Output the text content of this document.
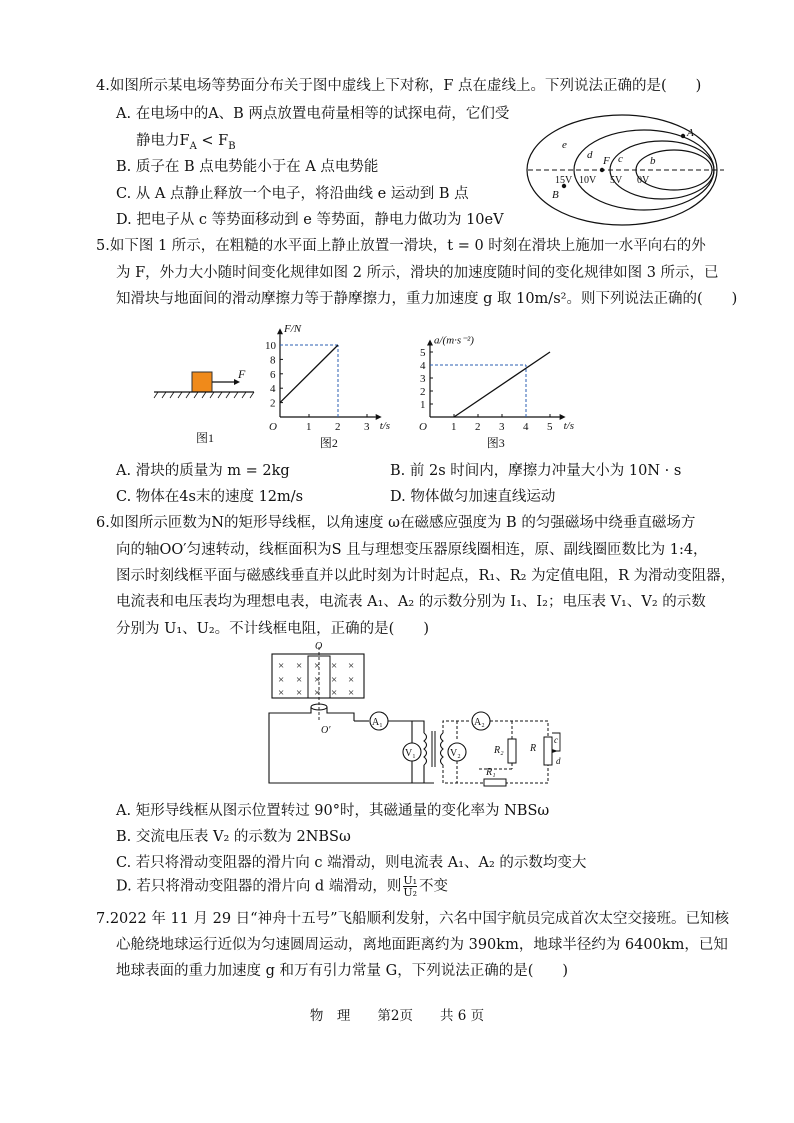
4.如图所示某电场等势面分布关于图中虚线上下对称，F 点在虚线上。下列说法正确的是(　　)
A. 在电场中的A、B 两点放置电荷量相等的试探电荷，它们受
静电力$F_A < F_B$
B. 质子在 B 点电势能小于在 A 点电势能
C. 从 A 点静止释放一个电子，将沿曲线 e 运动到 B 点
D. 把电子从 c 等势面移动到 e 等势面，静电力做功为 10eV
A
B
F
e
d c b
15V 10V 5V 0V
5.如下图 1 所示，在粗糙的水平面上静止放置一滑块，t = 0 时刻在滑块上施加一水平向右的外
为 F，外力大小随时间变化规律如图 2 所示，滑块的加速度随时间的变化规律如图 3 所示，已
知滑块与地面间的滑动摩擦力等于静摩擦力，重力加速度 g 取 10m/s²。则下列说法正确的(　　)
F
图1
1 2 3
2
4
6
8
10
O	t/s
F/N
图2
1 2 3 4 5
1
2
3
4
5
O	t/s
a/(m·s⁻²)
图3
A. 滑块的质量为 m = 2kg	B. 前 2s 时间内，摩擦力冲量大小为 10N · s
C. 物体在4s末的速度 12m/s	D. 物体做匀加速直线运动
6.如图所示匝数为N的矩形导线框，以角速度 ω在磁感应强度为 B 的匀强磁场中绕垂直磁场方
向的轴OO′匀速转动，线框面积为S 且与理想变压器原线圈相连，原、副线圈匝数比为 1:4，
图示时刻线框平面与磁感线垂直并以此时刻为计时起点，R₁、R₂ 为定值电阻，R 为滑动变阻器，
电流表和电压表均为理想电表，电流表 A₁、A₂ 的示数分别为 I₁、I₂；电压表 V₁、V₂ 的示数
分别为 U₁、U₂。不计线框电阻，正确的是(　　)
× × × × ×
× × × × ×
× × × × ×
O
O′
A₁
V₁
A₂
V₂	R₂
R₁
R
c
d
A. 矩形导线框从图示位置转过 90°时，其磁通量的变化率为 NBSω
B. 交流电压表 V₂ 的示数为 2NBSω
C. 若只将滑动变阻器的滑片向 c 端滑动，则电流表 A₁、A₂ 的示数均变大
D. 若只将滑动变阻器的滑片向 d 端滑动，则 $\frac{\text{U₁}}{\text{U₂}}$ 不变
7.2022 年 11 月 29 日“神舟十五号”飞船顺利发射，六名中国宇航员完成首次太空交接班。已知核
心舱绕地球运行近似为匀速圆周运动，离地面距离约为 390km，地球半径约为 6400km，已知
地球表面的重力加速度 g 和万有引力常量 G，下列说法正确的是(　　)
物　理　　第2页　　共 6 页
